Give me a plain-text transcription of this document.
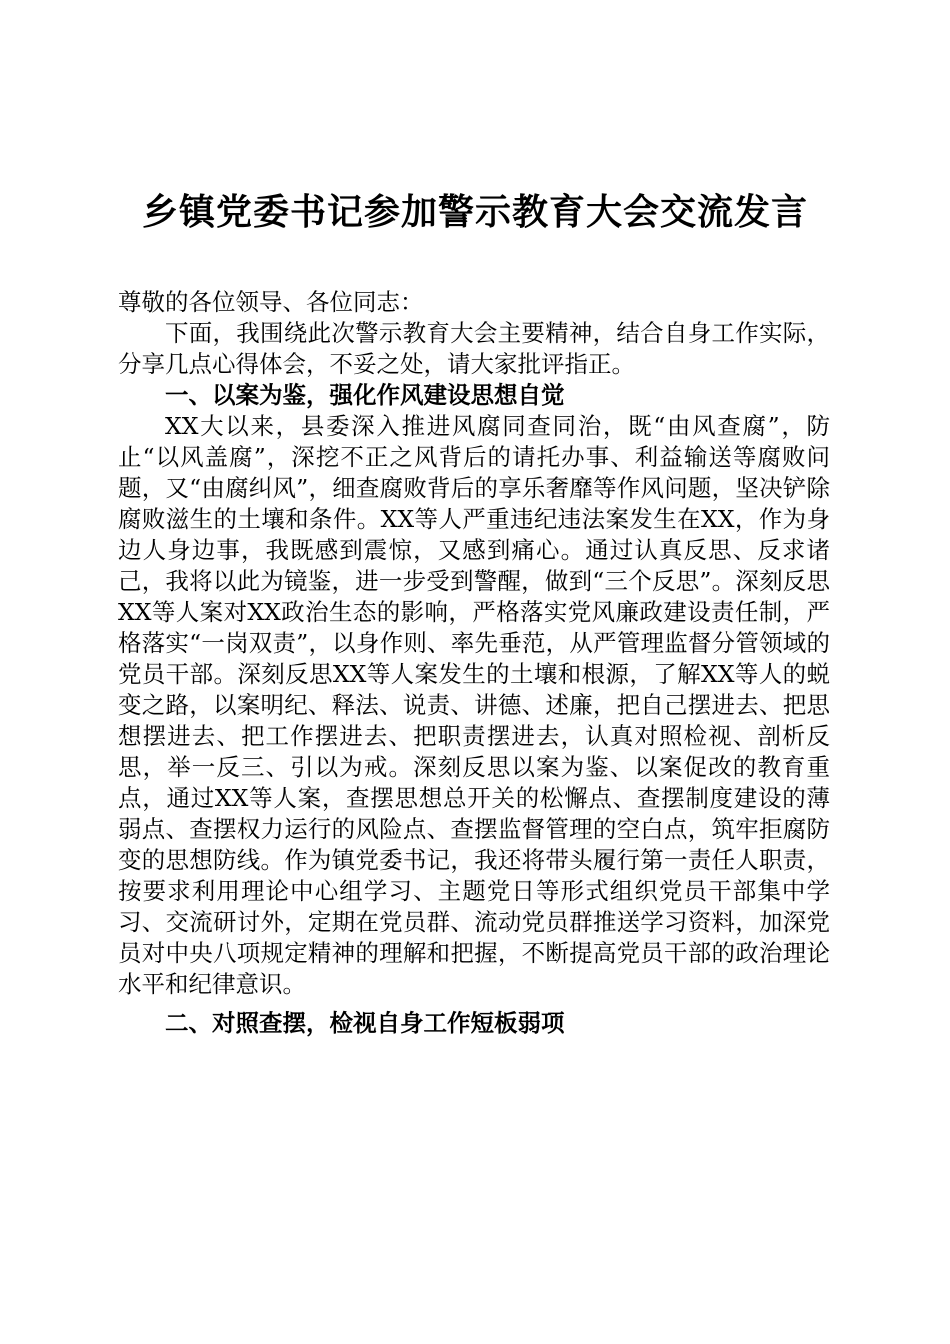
乡镇党委书记参加警示教育大会交流发言

尊敬的各位领导、各位同志：

下面，我围绕此次警示教育大会主要精神，结合自身工作实际，分享几点心得体会，不妥之处，请大家批评指正。

一、以案为鉴，强化作风建设思想自觉

XX大以来，县委深入推进风腐同查同治，既“由风查腐”，防止“以风盖腐”，深挖不正之风背后的请托办事、利益输送等腐败问题，又“由腐纠风”，细查腐败背后的享乐奢靡等作风问题，坚决铲除腐败滋生的土壤和条件。XX等人严重违纪违法案发生在XX，作为身边人身边事，我既感到震惊，又感到痛心。通过认真反思、反求诸己，我将以此为镜鉴，进一步受到警醒，做到“三个反思”。深刻反思XX等人案对XX政治生态的影响，严格落实党风廉政建设责任制，严格落实“一岗双责”，以身作则、率先垂范，从严管理监督分管领域的党员干部。深刻反思XX等人案发生的土壤和根源，了解XX等人的蜕变之路，以案明纪、释法、说责、讲德、述廉，把自己摆进去、把思想摆进去、把工作摆进去、把职责摆进去，认真对照检视、剖析反思，举一反三、引以为戒。深刻反思以案为鉴、以案促改的教育重点，通过XX等人案，查摆思想总开关的松懈点、查摆制度建设的薄弱点、查摆权力运行的风险点、查摆监督管理的空白点，筑牢拒腐防变的思想防线。作为镇党委书记，我还将带头履行第一责任人职责，按要求利用理论中心组学习、主题党日等形式组织党员干部集中学习、交流研讨外，定期在党员群、流动党员群推送学习资料，加深党员对中央八项规定精神的理解和把握，不断提高党员干部的政治理论水平和纪律意识。

二、对照查摆，检视自身工作短板弱项
